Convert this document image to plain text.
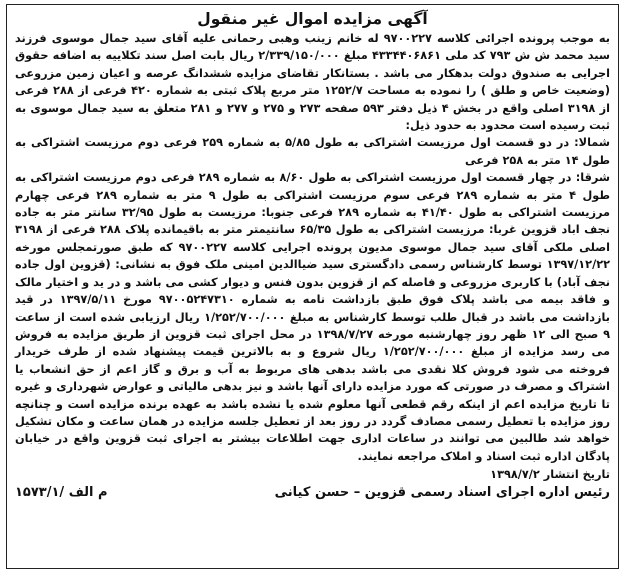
آگهی مزایده اموال غیر منقول

به موجب پرونده اجرائی کلاسه ۹۷۰۰۲۲۷ له خانم زینب وهبی رحمانی علیه آقای سید جمال موسوی فرزند سید محمد ش ش ۷۹۳ کد ملی ۴۳۳۴۴۰۶۸۶۱ مبلغ ۲/۳۳۹/۱۵۰/۰۰۰ ریال بابت اصل سند تکلاییه به اضافه حقوق اجرایی به صندوق دولت بدهکار می باشد . بستانکار تقاضای مزایده ششدانگ عرصه و اعیان زمین مزروعی (وضعیت خاص و طلق ) را نموده به مساحت ۱۲۵۲/۷ متر مربع پلاک ثبتی به شماره ۴۲۰ فرعی از ۲۸۸ فرعی از ۳۱۹۸ اصلی واقع در بخش ۴ ذیل دفتر ۵۹۳ صفحه ۲۷۳ و ۲۷۵ و ۲۷۷ و ۲۸۱ متعلق به سید جمال موسوی به ثبت رسیده است محدود به حدود ذیل:

شمالا: در دو قسمت اول مرزیست اشتراکی به طول ۵/۸۵ به شماره ۲۵۹ فرعی دوم مرزیست اشتراکی به طول ۱۴ متر به ۲۵۸ فرعی

شرقا: در چهار قسمت اول مرزیست اشتراکی به طول ۸/۶۰ به شماره ۲۸۹ فرعی دوم مرزیست اشتراکی به طول ۴ متر به شماره ۲۸۹ فرعی سوم مرزیست اشتراکی به طول ۹ متر به شماره ۲۸۹ فرعی چهارم مرزیست اشتراکی به طول ۴۱/۴۰ به شماره ۲۸۹ فرعی جنوبا: مرزیست به طول ۳۲/۹۵ سانتر متر به جاده نجف اباد قزوین غربا: مرزیست اشتراکی به طول ۶۵/۳۵ سانتیمتر متر به باقیمانده پلاک ۲۸۸ فرعی از ۳۱۹۸ اصلی ملکی آقای سید جمال موسوی مدیون پرونده اجرایی کلاسه ۹۷۰۰۲۲۷ که طبق صورتمجلس مورخه ۱۳۹۷/۱۲/۲۲ توسط کارشناس رسمی دادگستری سید ضیاالدین امینی ملک فوق به نشانی: (قزوین اول جاده نجف آباد) با کاربری مزروعی و فاصله کم از قزوین بدون فنس و دیوار کشی می باشد و در ید و اختیار مالک و فاقد بیمه می باشد پلاک فوق طبق بازداشت نامه به شماره ۹۷۰۰۵۲۴۷۳۱۰ مورخ ۱۳۹۷/۵/۱۱ در قید بازداشت می باشد در قبال طلب توسط کارشناس به مبلغ ۱/۲۵۲/۷۰۰/۰۰۰ ریال ارزیابی شده است از ساعت ۹ صبح الی ۱۲ ظهر روز چهارشنبه مورخه ۱۳۹۸/۷/۲۷ در محل اجرای ثبت قزوین از طریق مزایده به فروش می رسد مزایده از مبلغ ۱/۲۵۲/۷۰۰/۰۰۰ ریال شروع و به بالاترین قیمت پیشنهاد شده از طرف خریدار فروخته می شود فروش کلا نقدی می باشد بدهی های مربوط به آب و برق و گاز اعم از حق انشعاب یا اشتراک و مصرف در صورتی که مورد مزایده دارای آنها باشد و نیز بدهی مالیاتی و عوارض شهرداری و غیره تا تاریخ مزایده اعم از اینکه رقم قطعی آنها معلوم شده یا نشده باشد به عهده برنده مزایده است و چنانچه روز مزایده با تعطیل رسمی مصادف گردد در روز بعد از تعطیل جلسه مزایده در همان ساعت و مکان تشکیل خواهد شد طالبین می توانند در ساعات اداری جهت اطلاعات بیشتر به اجرای ثبت قزوین واقع در خیابان پادگان اداره ثبت اسناد و املاک مراجعه نمایند.

تاریخ انتشار ۱۳۹۸/۷/۲
رئیس اداره اجرای اسناد رسمی قزوین – حسن کیانی
م الف /۱۵۷۳/۱
